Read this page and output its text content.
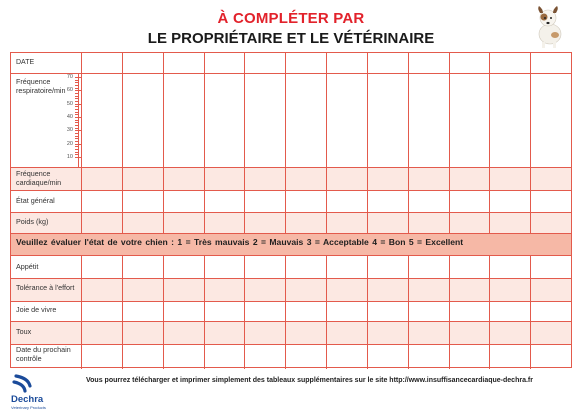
À COMPLÉTER PAR
LE PROPRIÉTAIRE ET LE VÉTÉRINAIRE
Veuillez évaluer l'état de votre chien : 1 = Très mauvais 2 = Mauvais 3 = Acceptable 4 = Bon 5 = Excellent
DATE
Fréquence respiratoire/min
Fréquence cardiaque/min
État général
Poids (kg)
Appétit
Tolérance à l'effort
Joie de vivre
Toux
Date du prochain contrôle
70
60
50
40
30
20
10
Vous pourrez télécharger et imprimer simplement des tableaux supplémentaires sur le site http://www.insuffisancecardiaque-dechra.fr
Dechra
Veterinary Products
